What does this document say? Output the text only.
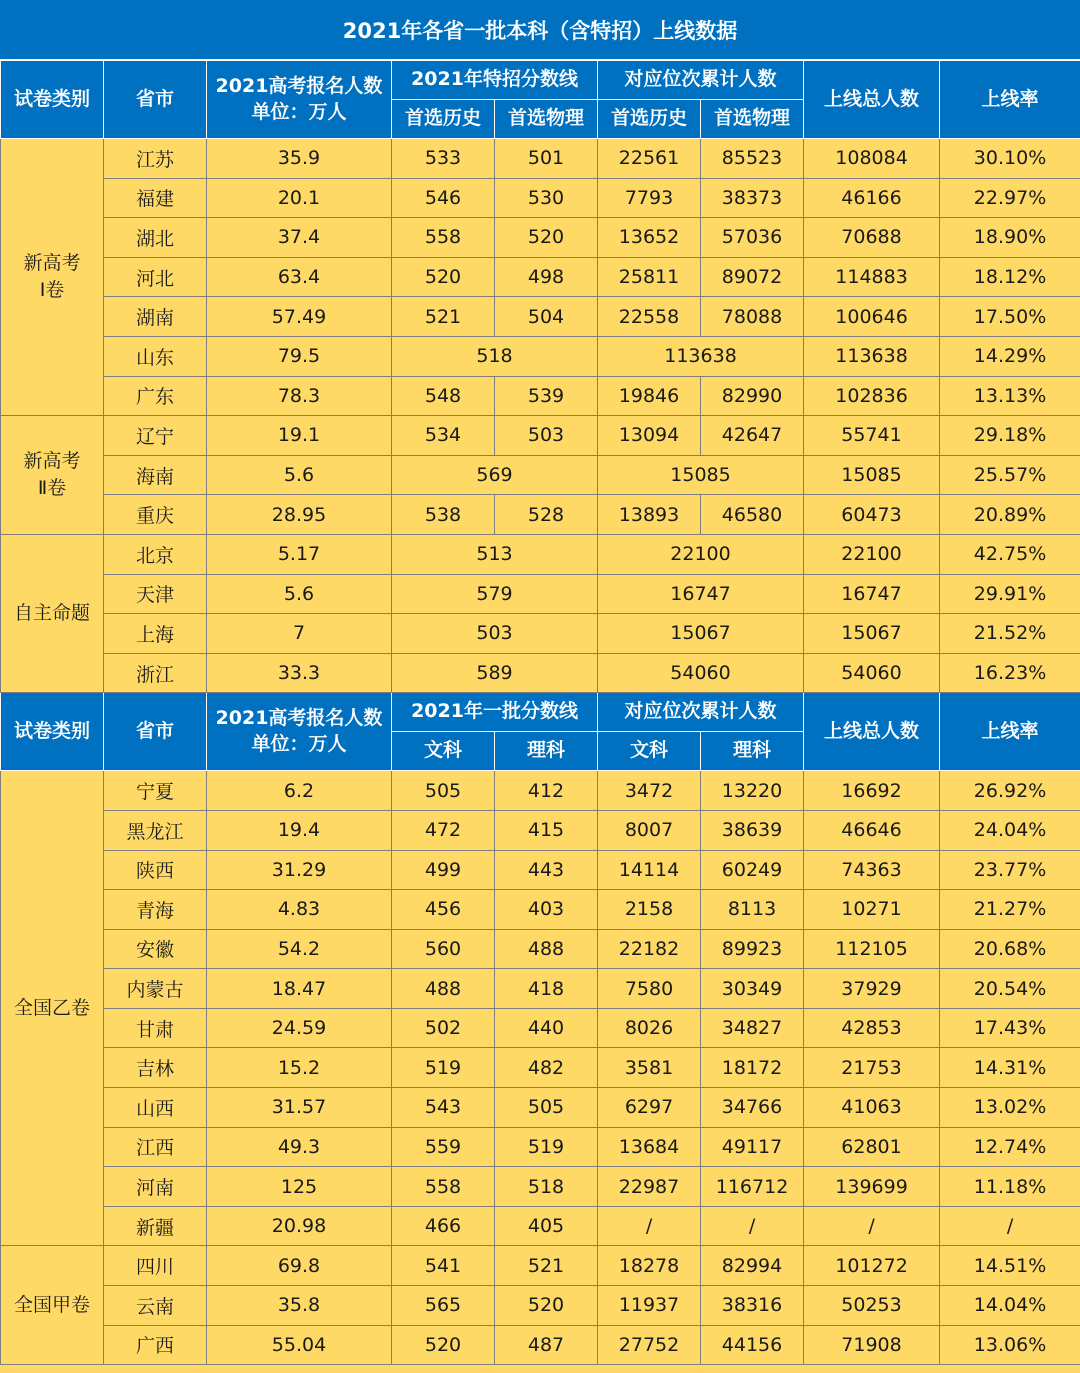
2021年各省一批本科（含特招）上线数据
试卷类别	省市	2021高考报名人数
单位：万人	2021年特招分数线		对应位次累计人数		上线总人数	上线率
			首选历史	首选物理	首选历史	首选物理		

新高考
Ⅰ卷	江苏	35.9	533	501	22561	85523	108084	30.10%
	福建	20.1	546	530	7793	38373	46166	22.97%
	湖北	37.4	558	520	13652	57036	70688	18.90%
	河北	63.4	520	498	25811	89072	114883	18.12%
	湖南	57.49	521	504	22558	78088	100646	17.50%
	山东	79.5	518		113638		113638	14.29%
	广东	78.3	548	539	19846	82990	102836	13.13%

新高考
Ⅱ卷	辽宁	19.1	534	503	13094	42647	55741	29.18%
	海南	5.6	569		15085		15085	25.57%
	重庆	28.95	538	528	13893	46580	60473	20.89%

自主命题	北京	5.17	513		22100		22100	42.75%
	天津	5.6	579		16747		16747	29.91%
	上海	7	503		15067		15067	21.52%
	浙江	33.3	589		54060		54060	16.23%
试卷类别	省市	2021高考报名人数
单位：万人	2021年一批分数线		对应位次累计人数		上线总人数	上线率
			文科	理科	文科	理科		

全国乙卷	宁夏	6.2	505	412	3472	13220	16692	26.92%
	黑龙江	19.4	472	415	8007	38639	46646	24.04%
	陕西	31.29	499	443	14114	60249	74363	23.77%
	青海	4.83	456	403	2158	8113	10271	21.27%
	安徽	54.2	560	488	22182	89923	112105	20.68%
	内蒙古	18.47	488	418	7580	30349	37929	20.54%
	甘肃	24.59	502	440	8026	34827	42853	17.43%
	吉林	15.2	519	482	3581	18172	21753	14.31%
	山西	31.57	543	505	6297	34766	41063	13.02%
	江西	49.3	559	519	13684	49117	62801	12.74%
	河南	125	558	518	22987	116712	139699	11.18%
	新疆	20.98	466	405	/	/	/	/

全国甲卷	四川	69.8	541	521	18278	82994	101272	14.51%
	云南	35.8	565	520	11937	38316	50253	14.04%
	广西	55.04	520	487	27752	44156	71908	13.06%
